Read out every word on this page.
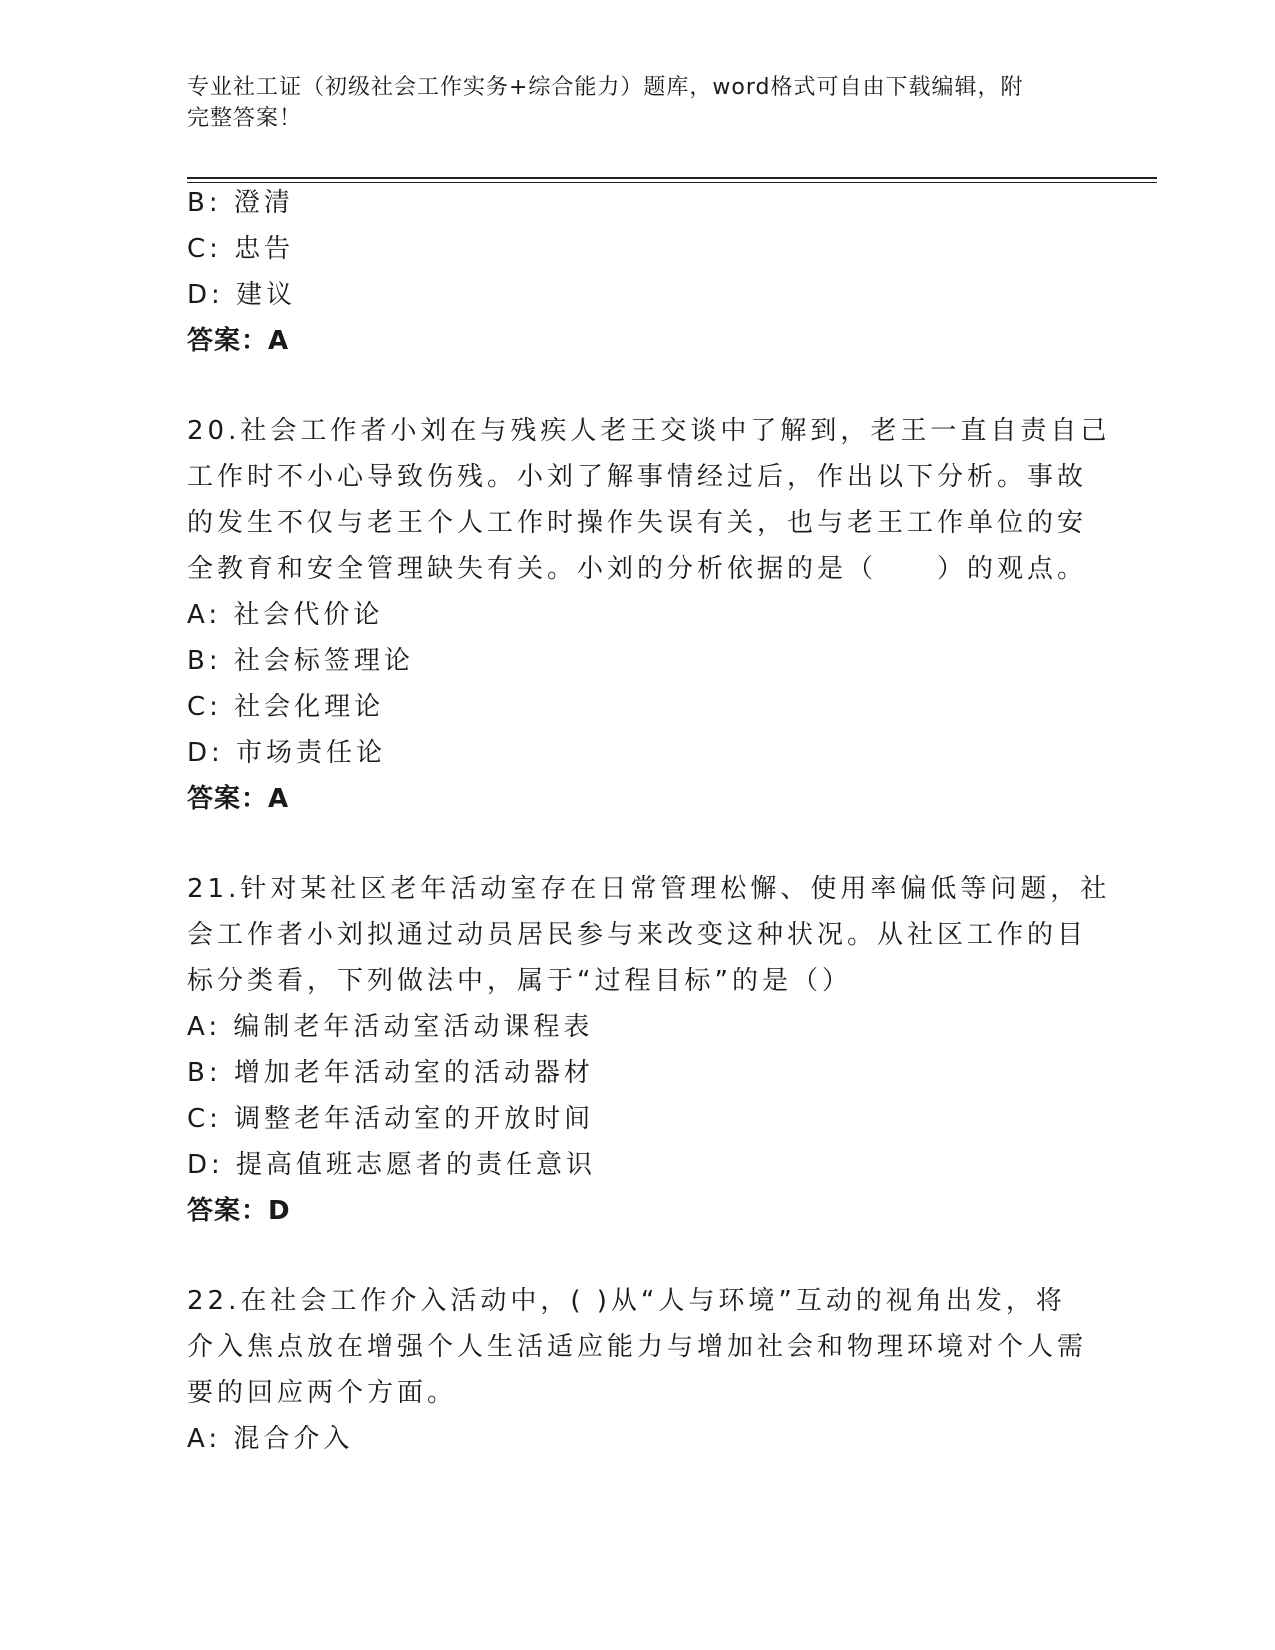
专业社工证（初级社会工作实务+综合能力）题库，word格式可自由下载编辑，附
完整答案！
B: 澄清
C: 忠告
D: 建议
答案：A
20.社会工作者小刘在与残疾人老王交谈中了解到，老王一直自责自己
工作时不小心导致伤残。小刘了解事情经过后，作出以下分析。事故
的发生不仅与老王个人工作时操作失误有关，也与老王工作单位的安
全教育和安全管理缺失有关。小刘的分析依据的是（　　）的观点。
A: 社会代价论
B: 社会标签理论
C: 社会化理论
D: 市场责任论
答案：A
21.针对某社区老年活动室存在日常管理松懈、使用率偏低等问题，社
会工作者小刘拟通过动员居民参与来改变这种状况。从社区工作的目
标分类看，下列做法中，属于“过程目标”的是（）
A: 编制老年活动室活动课程表
B: 增加老年活动室的活动器材
C: 调整老年活动室的开放时间
D: 提高值班志愿者的责任意识
答案：D
22.在社会工作介入活动中，( )从“人与环境”互动的视角出发，将
介入焦点放在增强个人生活适应能力与增加社会和物理环境对个人需
要的回应两个方面。
A: 混合介入
